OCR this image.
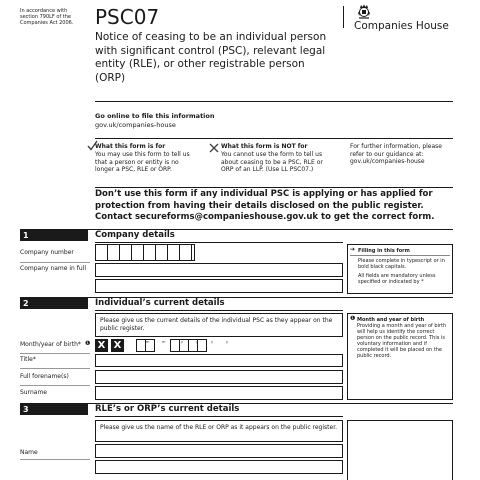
In accordance with section 790LF of the Companies Act 2006.	PSC07
Notice of ceasing to be an individual person with significant control (PSC), relevant legal entity (RLE), or other registrable person (ORP)
Companies House
Go online to file this information
gov.uk/companies-house
What this form is for
You may use this form to tell us that a person or entity is no longer a PSC, RLE or ORP.
What this form is NOT for
You cannot use the form to tell us about ceasing to be a PSC, RLE or ORP of an LLP. (Use LL PSC07.)
For further information, please refer to our guidance at: gov.uk/companies-house
Don’t use this form if any individual PSC is applying or has applied for protection from having their details disclosed on the public register. Contact secureforms@companieshouse.gov.uk to get the correct form.
1	Company details
Company number
Company name in full
➔ Filling in this form
Please complete in typescript or in bold black capitals.
All fields are mandatory unless specified or indicated by *
2	Individual’s current details
Please give us the current details of the individual PSC as they appear on the public register.
Month/year of birth* ❶ X X	m	m	y	y	y	y
Title*
Full forename(s)
Surname
❶ Month and year of birth
Providing a month and year of birth will help us identify the correct person on the public record. This is voluntary information and if completed it will be placed on the public record.
3	RLE’s or ORP’s current details
Please give us the name of the RLE or ORP as it appears on the public register.
Name
